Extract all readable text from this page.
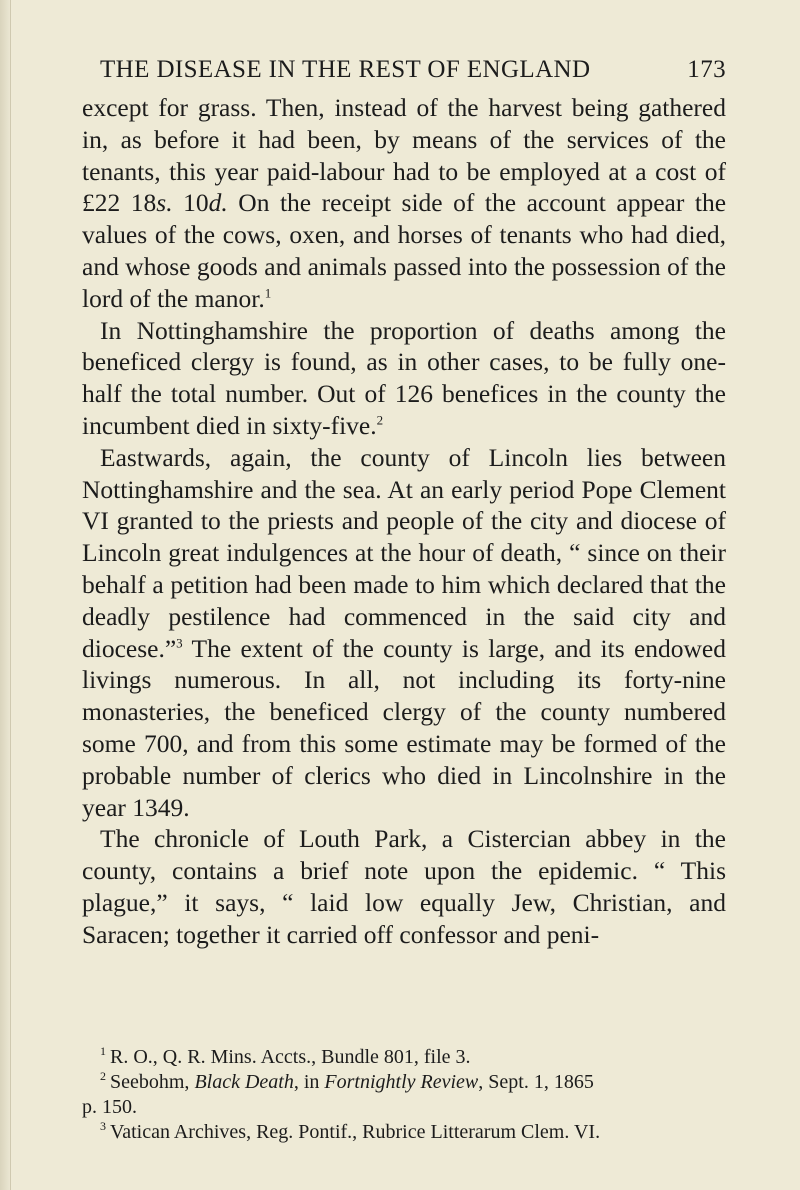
THE DISEASE IN THE REST OF ENGLAND	173

except for grass. Then, instead of the harvest being gathered in, as before it had been, by means of the services of the tenants, this year paid-labour had to be employed at a cost of £22 18s. 10d. On the receipt side of the account appear the values of the cows, oxen, and horses of tenants who had died, and whose goods and animals passed into the possession of the lord of the manor.$^1$

In Nottinghamshire the proportion of deaths among the beneficed clergy is found, as in other cases, to be fully one-half the total number. Out of 126 benefices in the county the incumbent died in sixty-five.$^2$

Eastwards, again, the county of Lincoln lies between Nottinghamshire and the sea. At an early period Pope Clement VI granted to the priests and people of the city and diocese of Lincoln great indulgences at the hour of death, “ since on their behalf a petition had been made to him which declared that the deadly pestilence had commenced in the said city and diocese.”$^3$ The extent of the county is large, and its endowed livings numerous. In all, not including its forty-nine monasteries, the beneficed clergy of the county numbered some 700, and from this some estimate may be formed of the probable number of clerics who died in Lincolnshire in the year 1349.

The chronicle of Louth Park, a Cistercian abbey in the county, contains a brief note upon the epidemic. “ This plague,” it says, “ laid low equally Jew, Christian, and Saracen; together it carried off confessor and peni-

$^1$ R. O., Q. R. Mins. Accts., Bundle 801, file 3.

$^2$ Seebohm, Black Death, in Fortnightly Review, Sept. 1, 1865
p. 150.

$^3$ Vatican Archives, Reg. Pontif., Rubrice Litterarum Clem. VI.
